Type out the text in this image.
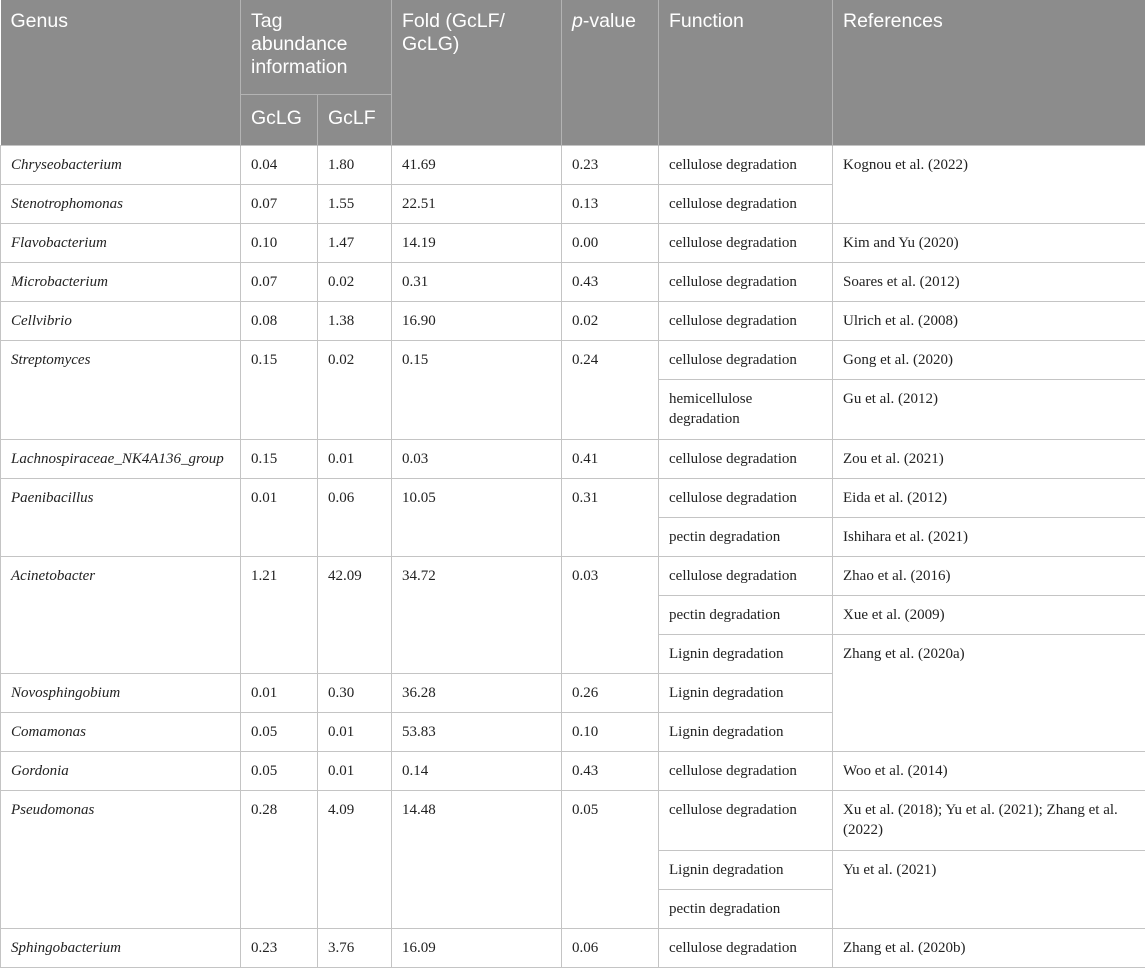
Genus	Tag abundance information		Fold (GcLF/ GcLG)	p-value	Function	References
	GcLG	GcLF				
Chryseobacterium	0.04	1.80	41.69	0.23	cellulose degradation	Kognou et al. (2022)
Stenotrophomonas	0.07	1.55	22.51	0.13	cellulose degradation	
Flavobacterium	0.10	1.47	14.19	0.00	cellulose degradation	Kim and Yu (2020)
Microbacterium	0.07	0.02	0.31	0.43	cellulose degradation	Soares et al. (2012)
Cellvibrio	0.08	1.38	16.90	0.02	cellulose degradation	Ulrich et al. (2008)
Streptomyces	0.15	0.02	0.15	0.24	cellulose degradation	Gong et al. (2020)
					hemicellulose degradation	Gu et al. (2012)
Lachnospiraceae_NK4A136_group	0.15	0.01	0.03	0.41	cellulose degradation	Zou et al. (2021)
Paenibacillus	0.01	0.06	10.05	0.31	cellulose degradation	Eida et al. (2012)
					pectin degradation	Ishihara et al. (2021)
Acinetobacter	1.21	42.09	34.72	0.03	cellulose degradation	Zhao et al. (2016)
					pectin degradation	Xue et al. (2009)
					Lignin degradation	Zhang et al. (2020a)
Novosphingobium	0.01	0.30	36.28	0.26	Lignin degradation	
Comamonas	0.05	0.01	53.83	0.10	Lignin degradation	
Gordonia	0.05	0.01	0.14	0.43	cellulose degradation	Woo et al. (2014)
Pseudomonas	0.28	4.09	14.48	0.05	cellulose degradation	Xu et al. (2018); Yu et al. (2021); Zhang et al. (2022)
					Lignin degradation	Yu et al. (2021)
					pectin degradation	
Sphingobacterium	0.23	3.76	16.09	0.06	cellulose degradation	Zhang et al. (2020b)
